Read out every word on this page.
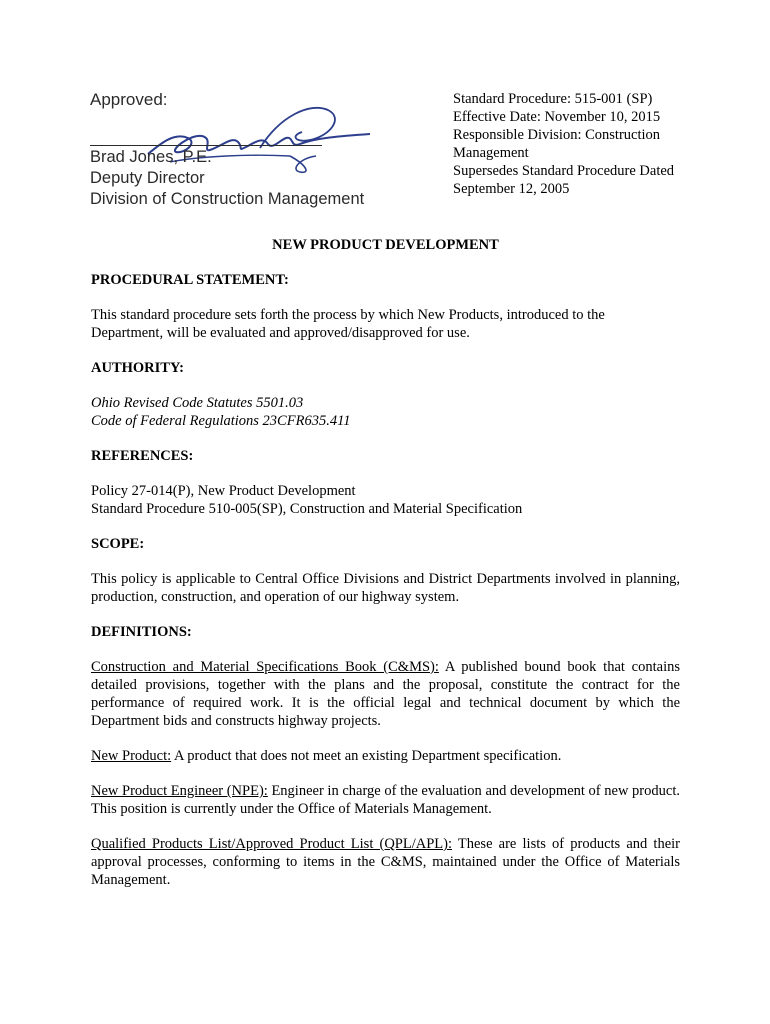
Approved:
Brad Jones, P.E.
Deputy Director
Division of Construction Management
Standard Procedure: 515-001 (SP)
Effective Date: November 10, 2015
Responsible Division: Construction
Management
Supersedes Standard Procedure Dated
September 12, 2005
NEW PRODUCT DEVELOPMENT
PROCEDURAL STATEMENT:
This standard procedure sets forth the process by which New Products, introduced to the Department, will be evaluated and approved/disapproved for use.
AUTHORITY:
Ohio Revised Code Statutes 5501.03
Code of Federal Regulations 23CFR635.411
REFERENCES:
Policy 27-014(P), New Product Development
Standard Procedure 510-005(SP), Construction and Material Specification
SCOPE:
This policy is applicable to Central Office Divisions and District Departments involved in planning, production, construction, and operation of our highway system.
DEFINITIONS:
Construction and Material Specifications Book (C&MS): A published bound book that contains detailed provisions, together with the plans and the proposal, constitute the contract for the performance of required work. It is the official legal and technical document by which the Department bids and constructs highway projects.
New Product: A product that does not meet an existing Department specification.
New Product Engineer (NPE): Engineer in charge of the evaluation and development of new product. This position is currently under the Office of Materials Management.
Qualified Products List/Approved Product List (QPL/APL): These are lists of products and their approval processes, conforming to items in the C&MS, maintained under the Office of Materials Management.
